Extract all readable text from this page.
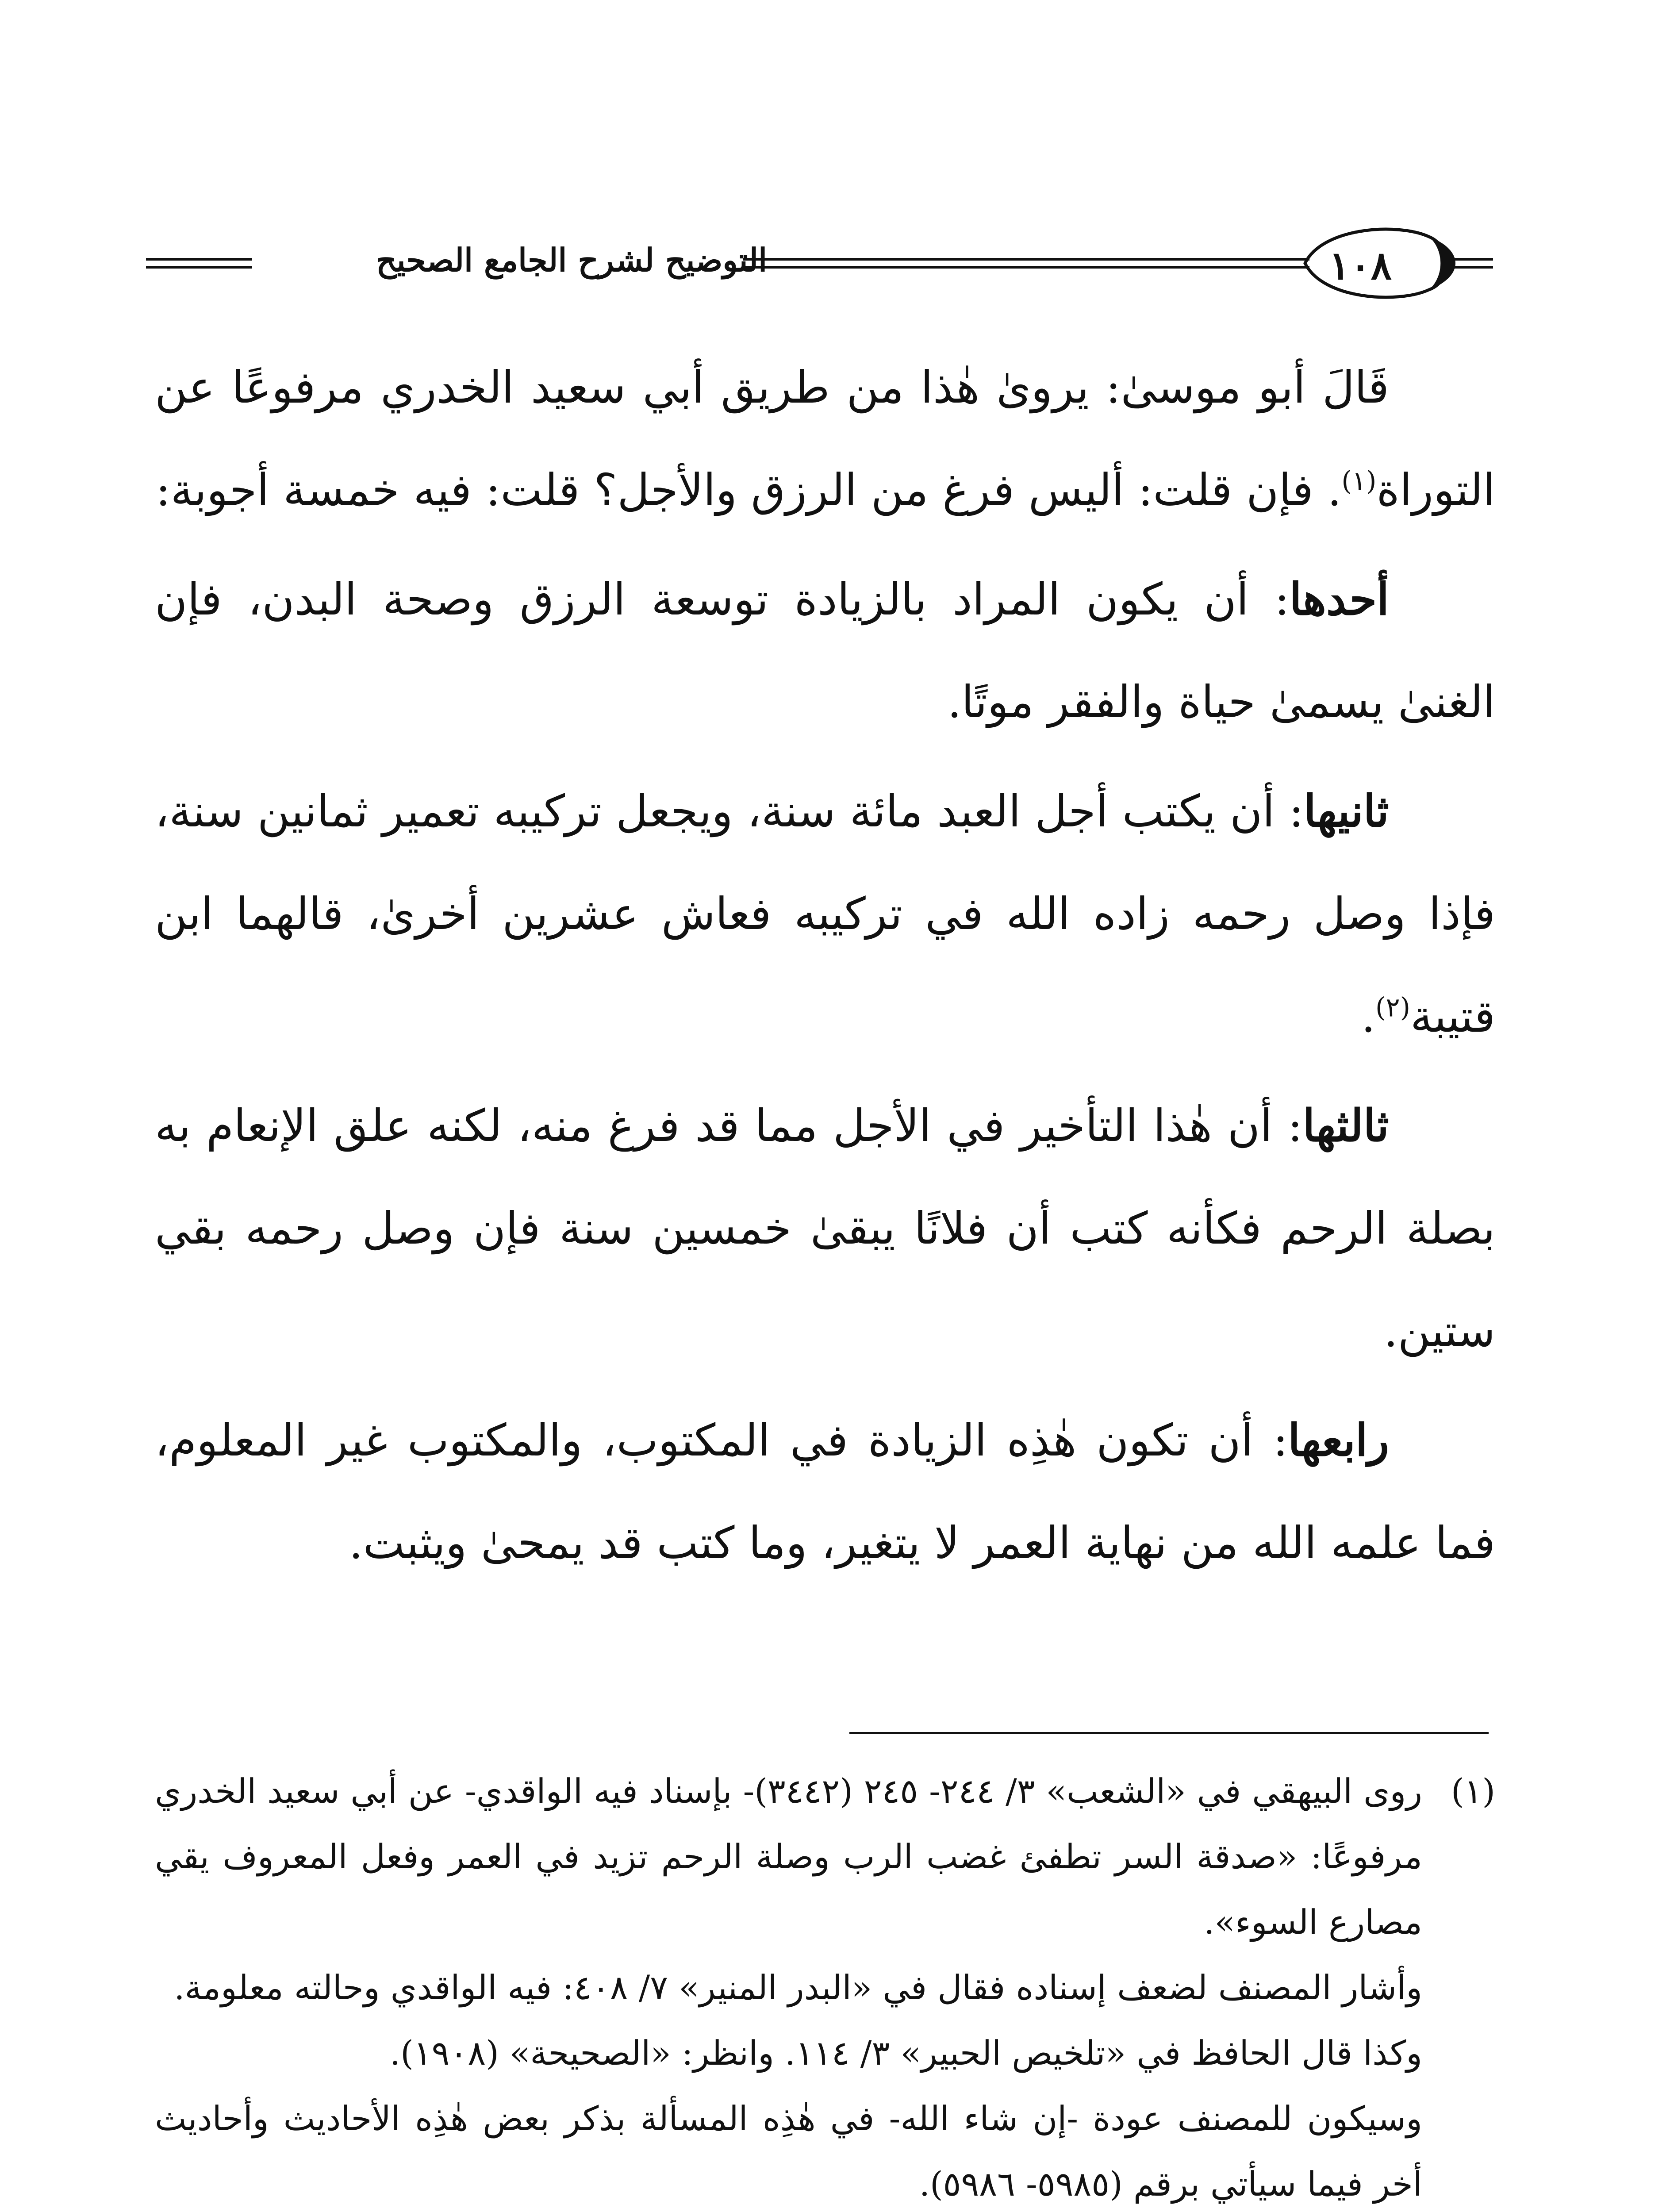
التوضيح لشرح الجامع الصحيح	١٠٨

قَالَ أبو موسىٰ: يروىٰ هٰذا من طريق أبي سعيد الخدري مرفوعًا عن التوراة$^{(١)}$. فإن قلت: أليس فرغ من الرزق والأجل؟ قلت: فيه خمسة أجوبة:

أحدها: أن يكون المراد بالزيادة توسعة الرزق وصحة البدن، فإن الغنىٰ يسمىٰ حياة والفقر موتًا.

ثانيها: أن يكتب أجل العبد مائة سنة، ويجعل تركيبه تعمير ثمانين سنة، فإذا وصل رحمه زاده الله في تركيبه فعاش عشرين أخرىٰ، قالهما ابن قتيبة$^{(٢)}$.

ثالثها: أن هٰذا التأخير في الأجل مما قد فرغ منه، لكنه علق الإنعام به بصلة الرحم فكأنه كتب أن فلانًا يبقىٰ خمسين سنة فإن وصل رحمه بقي ستين.

رابعها: أن تكون هٰذِه الزيادة في المكتوب، والمكتوب غير المعلوم، فما علمه الله من نهاية العمر لا يتغير، وما كتب قد يمحىٰ ويثبت.

(١)

روى البيهقي في «الشعب» ٣/ ٢٤٤- ٢٤٥ (٣٤٤٢)- بإسناد فيه الواقدي- عن أبي سعيد الخدري مرفوعًا: «صدقة السر تطفئ غضب الرب وصلة الرحم تزيد في العمر وفعل المعروف يقي مصارع السوء».

وأشار المصنف لضعف إسناده فقال في «البدر المنير» ٧/ ٤٠٨: فيه الواقدي وحالته معلومة.

وكذا قال الحافظ في «تلخيص الحبير» ٣/ ١١٤. وانظر: «الصحيحة» (١٩٠٨).

وسيكون للمصنف عودة -إن شاء الله- في هٰذِه المسألة بذكر بعض هٰذِه الأحاديث وأحاديث أخر فيما سيأتي برقم (٥٩٨٥- ٥٩٨٦).
